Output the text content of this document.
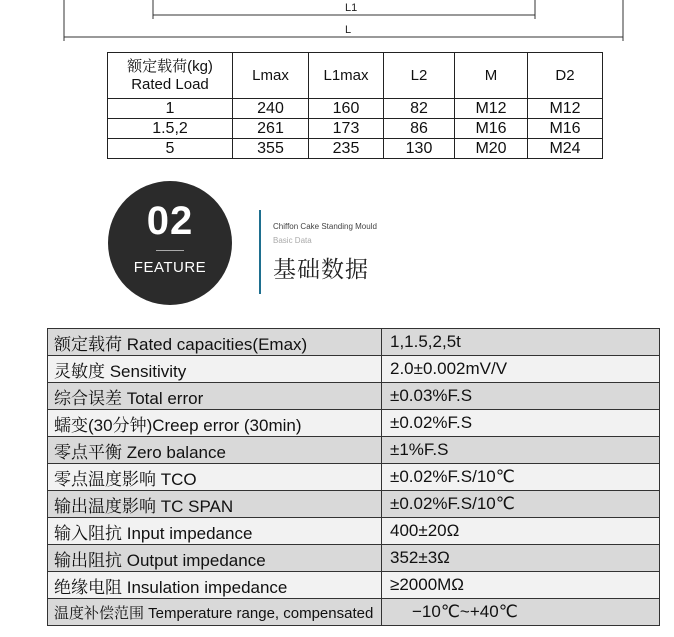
L1
L
额定载荷(kg)
Rated Load	Lmax	L1max	L2	M	D2
1	240	160	82	M12	M12
1.5,2	261	173	86	M16	M16
5	355	235	130	M20	M24
02
FEATURE
Chiffon Cake Standing Mould
Basic Data
基础数据
额定载荷 Rated capacities(Emax)	1,1.5,2,5t
灵敏度 Sensitivity	2.0±0.002mV/V
综合误差 Total error	±0.03%F.S
蠕变(30分钟)Creep error (30min)	±0.02%F.S
零点平衡 Zero balance	±1%F.S
零点温度影响 TCO	±0.02%F.S/10℃
输出温度影响 TC SPAN	±0.02%F.S/10℃
输入阻抗 Input impedance	400±20Ω
输出阻抗 Output impedance	352±3Ω
绝缘电阻 Insulation impedance	≥2000MΩ
温度补偿范围 Temperature range, compensated	−10℃~+40℃
